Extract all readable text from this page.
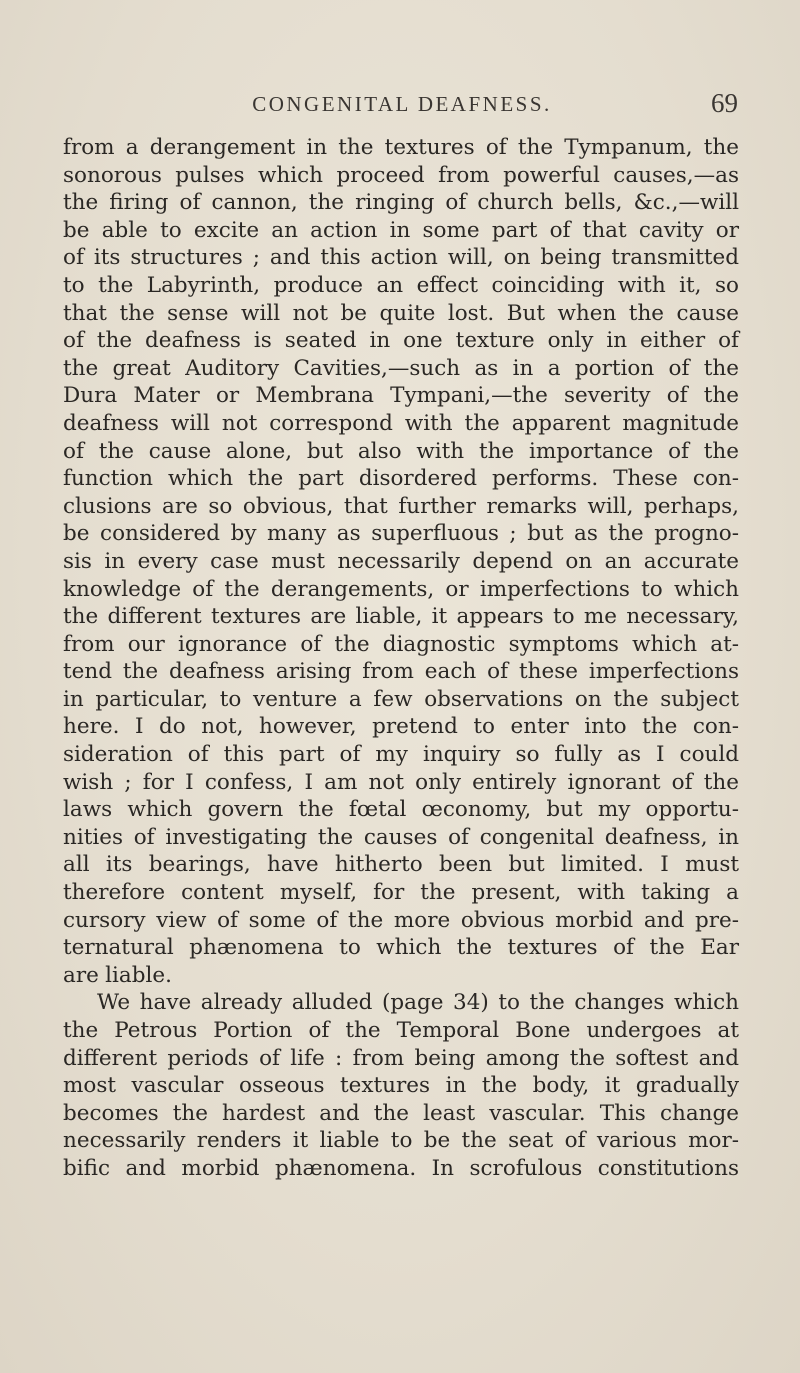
CONGENITAL DEAFNESS.	69
from a derangement in the textures of the Tympanum, the
sonorous pulses which proceed from powerful causes,—as
the firing of cannon, the ringing of church bells, &c.,—will
be able to excite an action in some part of that cavity or
of its structures ; and this action will, on being transmitted
to the Labyrinth, produce an effect coinciding with it, so
that the sense will not be quite lost. But when the cause
of the deafness is seated in one texture only in either of
the great Auditory Cavities,—such as in a portion of the
Dura Mater or Membrana Tympani,—the severity of the
deafness will not correspond with the apparent magnitude
of the cause alone, but also with the importance of the
function which the part disordered performs. These con-
clusions are so obvious, that further remarks will, perhaps,
be considered by many as superfluous ; but as the progno-
sis in every case must necessarily depend on an accurate
knowledge of the derangements, or imperfections to which
the different textures are liable, it appears to me necessary,
from our ignorance of the diagnostic symptoms which at-
tend the deafness arising from each of these imperfections
in particular, to venture a few observations on the subject
here. I do not, however, pretend to enter into the con-
sideration of this part of my inquiry so fully as I could
wish ; for I confess, I am not only entirely ignorant of the
laws which govern the fœtal œconomy, but my opportu-
nities of investigating the causes of congenital deafness, in
all its bearings, have hitherto been but limited. I must
therefore content myself, for the present, with taking a
cursory view of some of the more obvious morbid and pre-
ternatural phænomena to which the textures of the Ear
are liable.
We have already alluded (page 34) to the changes which
the Petrous Portion of the Temporal Bone undergoes at
different periods of life : from being among the softest and
most vascular osseous textures in the body, it gradually
becomes the hardest and the least vascular. This change
necessarily renders it liable to be the seat of various mor-
bific and morbid phænomena. In scrofulous constitutions
